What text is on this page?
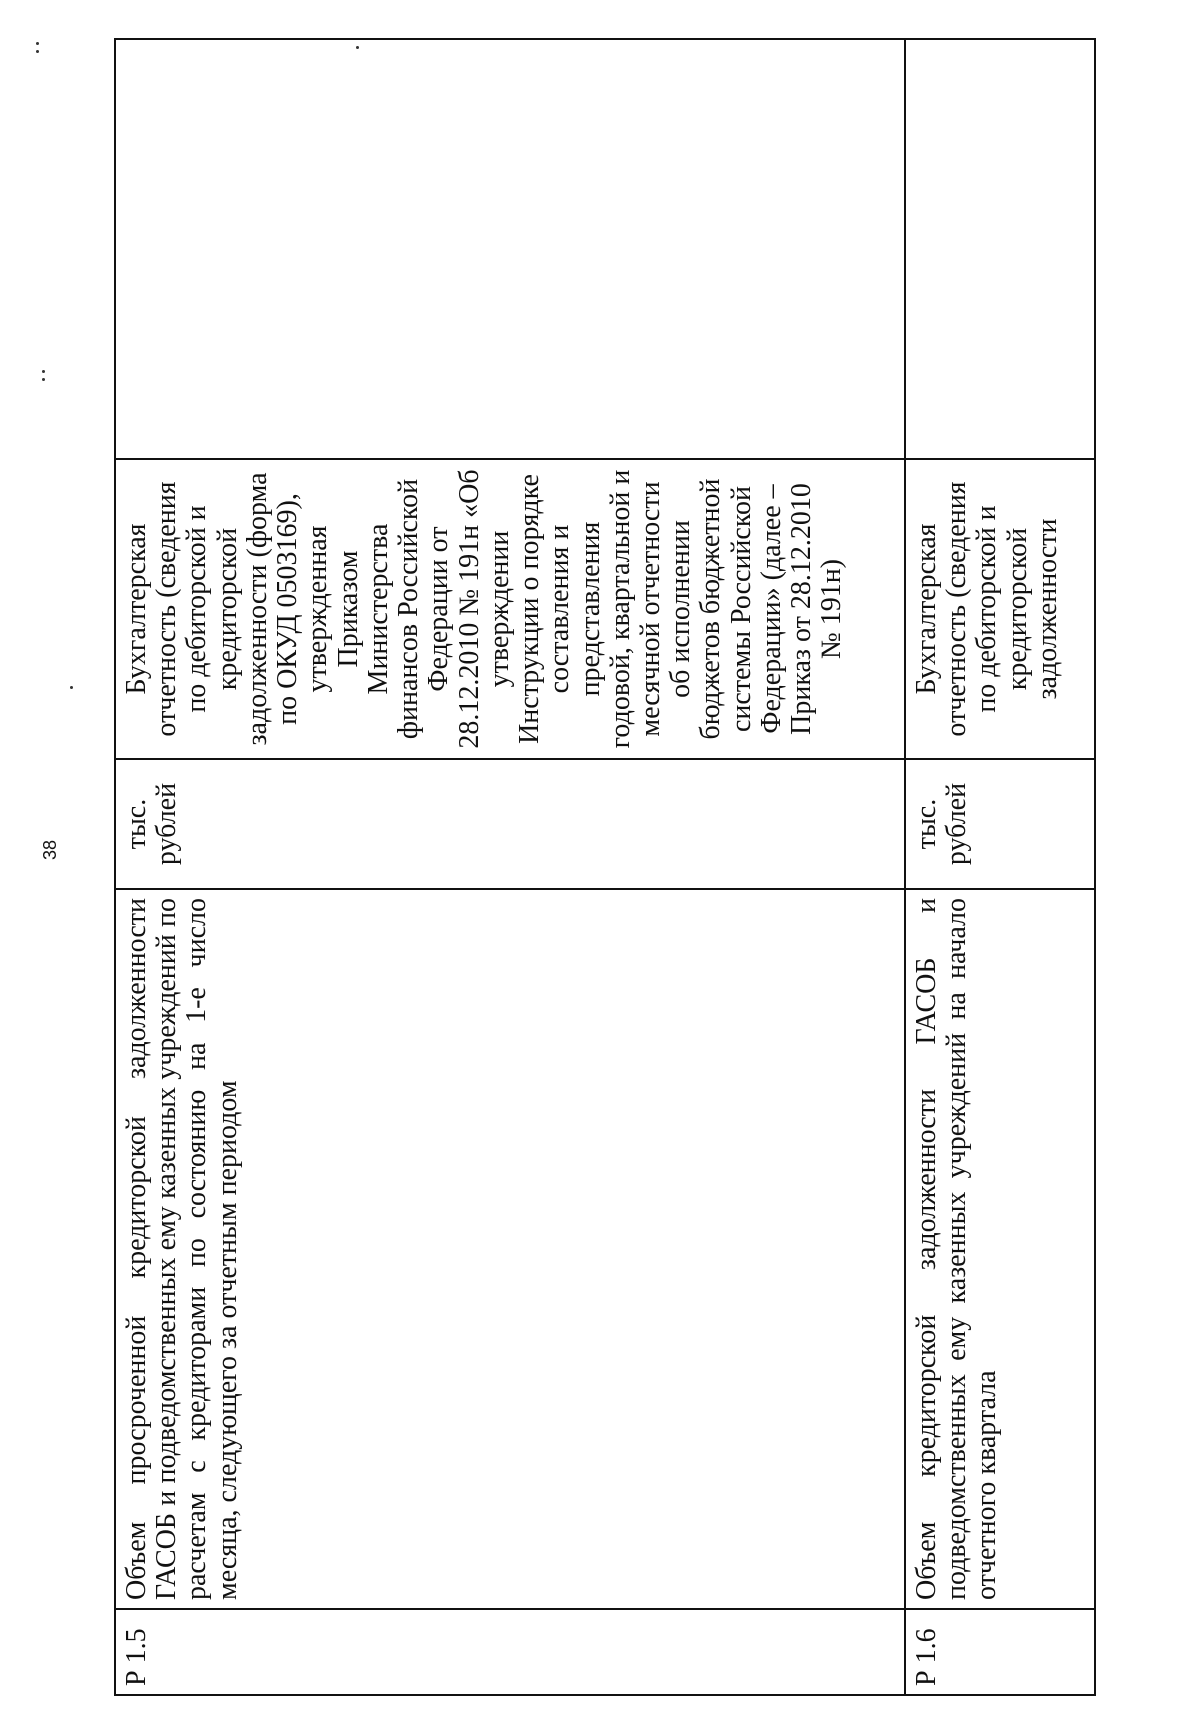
38
Р 1.5	Объем просроченной кредиторской задолженности ГАСОБ и подведомственных ему казенных учреждений по расчетам с кредиторами по состоянию на 1-е число месяца, следующего за отчетным периодом	тыс. рублей	Бухгалтерская отчетность (сведения по дебиторской и кредиторской задолженности (форма по ОКУД 0503169), утвержденная Приказом Министерства финансов Российской Федерации от 28.12.2010 № 191н «Об утверждении Инструкции о порядке составления и представления годовой, квартальной и месячной отчетности об исполнении бюджетов бюджетной системы Российской Федерации» (далее – Приказ от 28.12.2010 № 191н)	
Р 1.6	Объем кредиторской задолженности ГАСОБ и подведомственных ему казенных учреждений на начало отчетного квартала	тыс. рублей	Бухгалтерская отчетность (сведения по дебиторской и кредиторской задолженности	
